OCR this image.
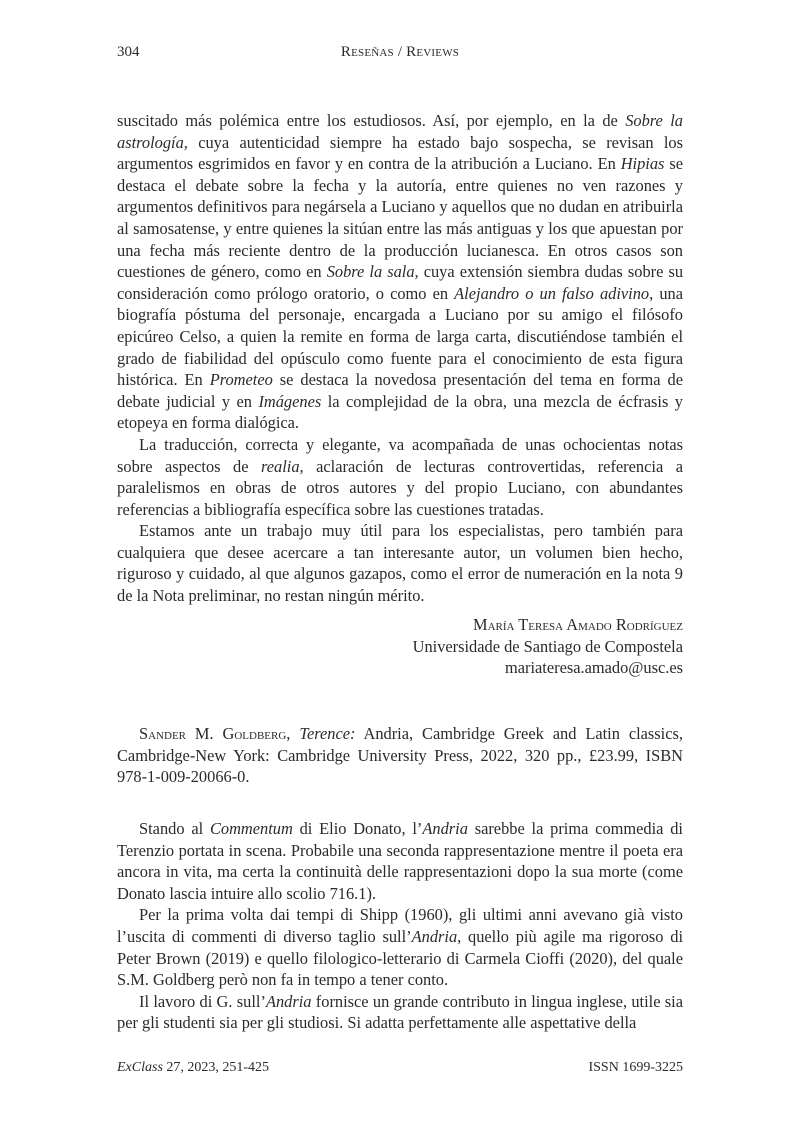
304	Reseñas / Reviews

suscitado más polémica entre los estudiosos. Así, por ejemplo, en la de Sobre la astrología, cuya autenticidad siempre ha estado bajo sospecha, se revisan los argumentos esgrimidos en favor y en contra de la atribución a Luciano. En Hipias se destaca el debate sobre la fecha y la autoría, entre quienes no ven razones y argumentos definitivos para negársela a Luciano y aquellos que no dudan en atribuirla al samosatense, y entre quienes la sitúan entre las más antiguas y los que apuestan por una fecha más reciente dentro de la producción lucianesca. En otros casos son cuestiones de género, como en Sobre la sala, cuya extensión siembra dudas sobre su consideración como prólogo oratorio, o como en Alejandro o un falso adivino, una biografía póstuma del personaje, encargada a Luciano por su amigo el filósofo epicúreo Celso, a quien la remite en forma de larga carta, discutiéndose también el grado de fiabilidad del opúsculo como fuente para el conocimiento de esta figura histórica. En Prometeo se destaca la novedosa presentación del tema en forma de debate judicial y en Imágenes la complejidad de la obra, una mezcla de écfrasis y etopeya en forma dialógica.

La traducción, correcta y elegante, va acompañada de unas ochocientas notas sobre aspectos de realia, aclaración de lecturas controvertidas, referencia a paralelismos en obras de otros autores y del propio Luciano, con abundantes referencias a bibliografía específica sobre las cuestiones tratadas.

Estamos ante un trabajo muy útil para los especialistas, pero también para cualquiera que desee acercare a tan interesante autor, un volumen bien hecho, riguroso y cuidado, al que algunos gazapos, como el error de numeración en la nota 9 de la Nota preliminar, no restan ningún mérito.

María Teresa Amado Rodríguez
Universidade de Santiago de Compostela
mariateresa.amado@usc.es

Sander M. Goldberg, Terence: Andria, Cambridge Greek and Latin classics, Cambridge-New York: Cambridge University Press, 2022, 320 pp., £23.99, ISBN 978-1-009-20066-0.

Stando al Commentum di Elio Donato, l’Andria sarebbe la prima commedia di Terenzio portata in scena. Probabile una seconda rappresentazione mentre il poeta era ancora in vita, ma certa la continuità delle rappresentazioni dopo la sua morte (come Donato lascia intuire allo scolio 716.1).

Per la prima volta dai tempi di Shipp (1960), gli ultimi anni avevano già visto l’uscita di commenti di diverso taglio sull’Andria, quello più agile ma rigoroso di Peter Brown (2019) e quello filologico-letterario di Carmela Cioffi (2020), del quale S.M. Goldberg però non fa in tempo a tener conto.

Il lavoro di G. sull’Andria fornisce un grande contributo in lingua inglese, utile sia per gli studenti sia per gli studiosi. Si adatta perfettamente alle aspettative della

ExClass 27, 2023, 251-425	ISSN 1699-3225
